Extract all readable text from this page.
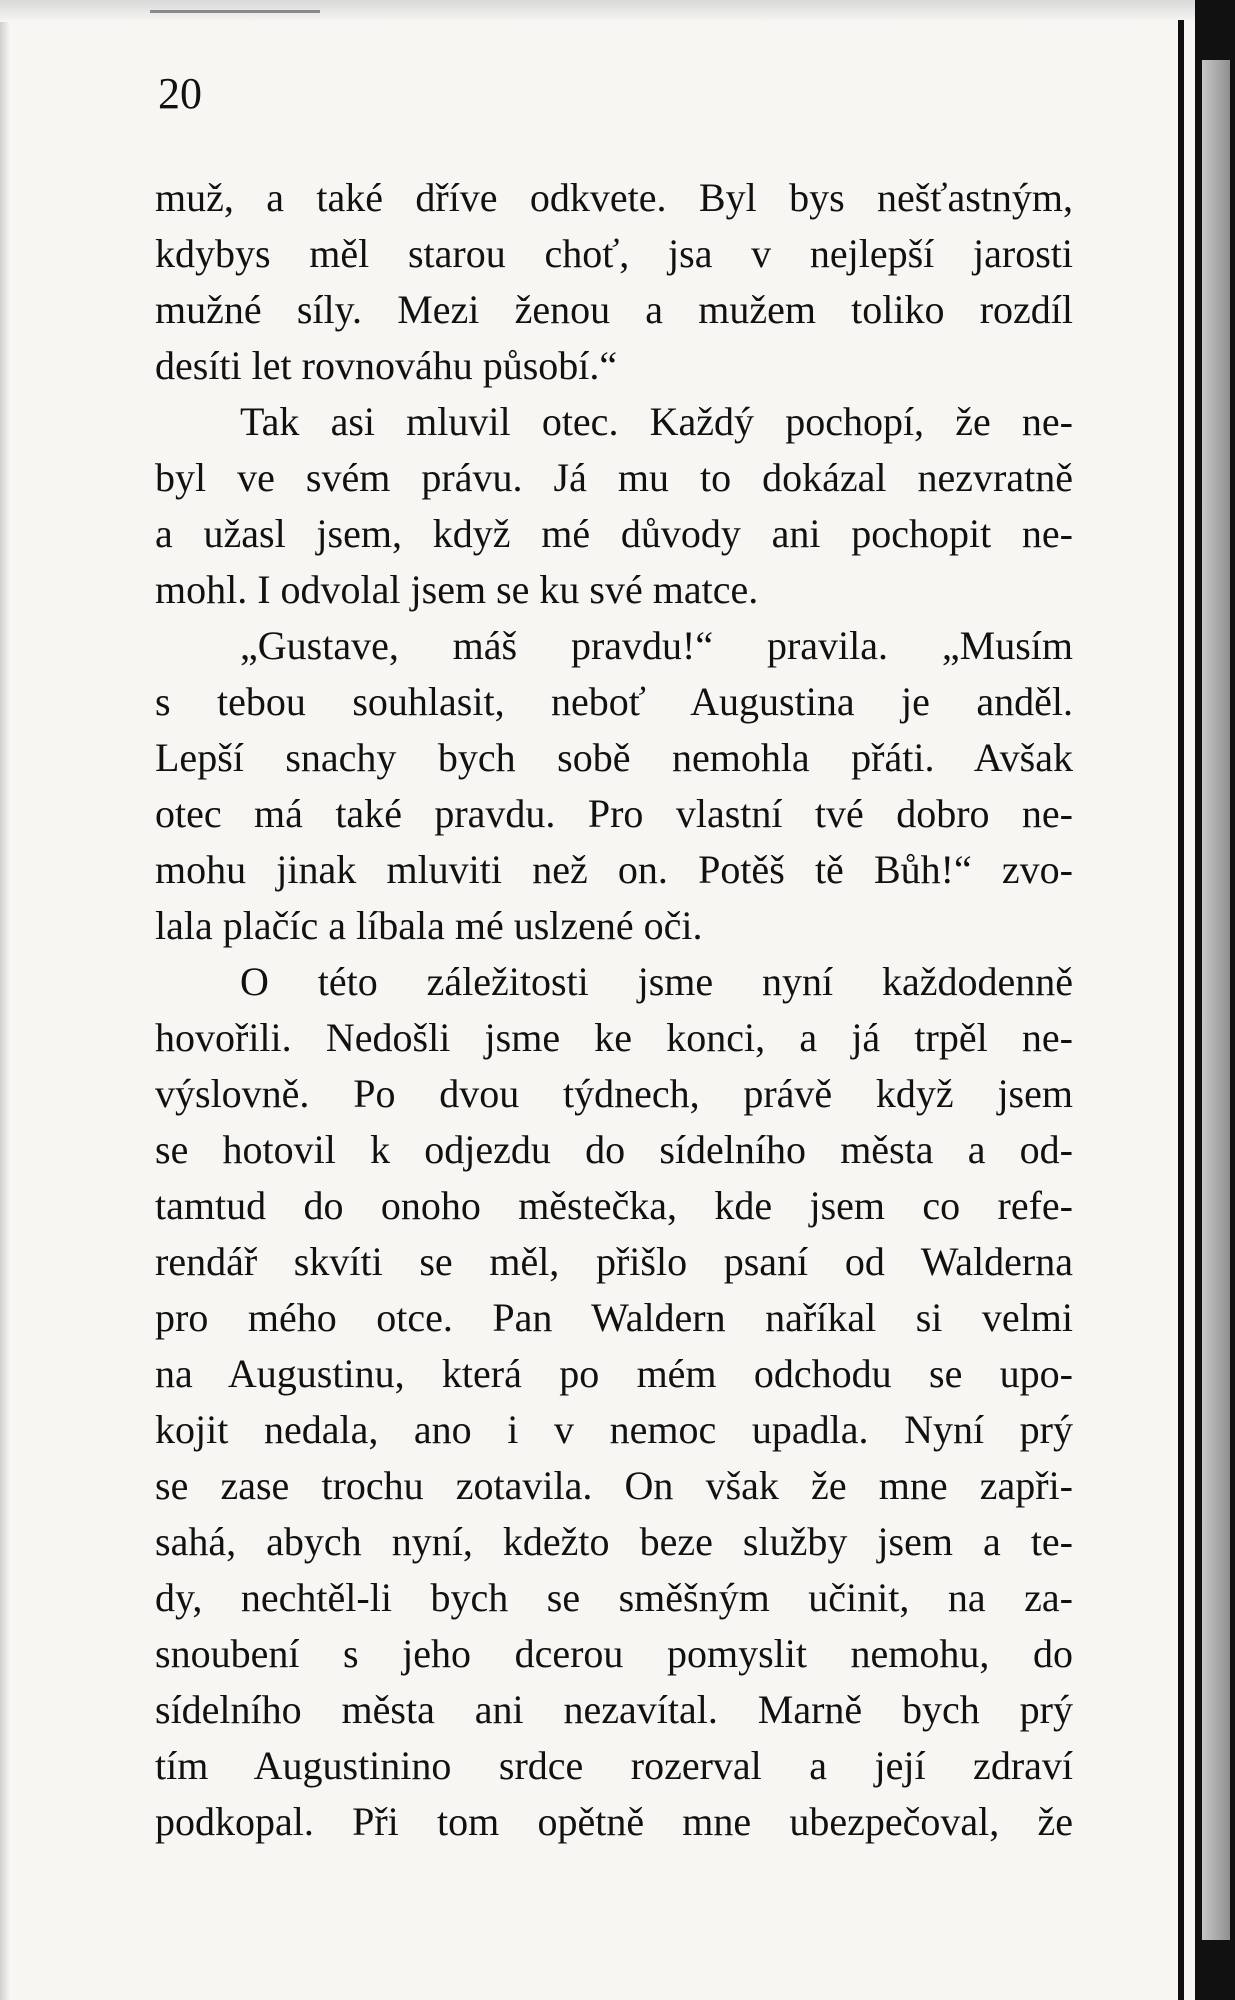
20
muž, a také dříve odkvete. Byl bys nešťastným,
kdybys měl starou choť, jsa v nejlepší jarosti
mužné síly. Mezi ženou a mužem toliko rozdíl
desíti let rovnováhu působí.“
Tak asi mluvil otec. Každý pochopí, že ne-
byl ve svém právu. Já mu to dokázal nezvratně
a užasl jsem, když mé důvody ani pochopit ne-
mohl. I odvolal jsem se ku své matce.
„Gustave, máš pravdu!“ pravila. „Musím
s tebou souhlasit, neboť Augustina je anděl.
Lepší snachy bych sobě nemohla přáti. Avšak
otec má také pravdu. Pro vlastní tvé dobro ne-
mohu jinak mluviti než on. Potěš tě Bůh!“ zvo-
lala plačíc a líbala mé uslzené oči.
O této záležitosti jsme nyní každodenně
hovořili. Nedošli jsme ke konci, a já trpěl ne-
výslovně. Po dvou týdnech, právě když jsem
se hotovil k odjezdu do sídelního města a od-
tamtud do onoho městečka, kde jsem co refe-
rendář skvíti se měl, přišlo psaní od Walderna
pro mého otce. Pan Waldern naříkal si velmi
na Augustinu, která po mém odchodu se upo-
kojit nedala, ano i v nemoc upadla. Nyní prý
se zase trochu zotavila. On však že mne zapři-
sahá, abych nyní, kdežto beze služby jsem a te-
dy, nechtěl-li bych se směšným učinit, na za-
snoubení s jeho dcerou pomyslit nemohu, do
sídelního města ani nezavítal. Marně bych prý
tím Augustinino srdce rozerval a její zdraví
podkopal. Při tom opětně mne ubezpečoval, že
